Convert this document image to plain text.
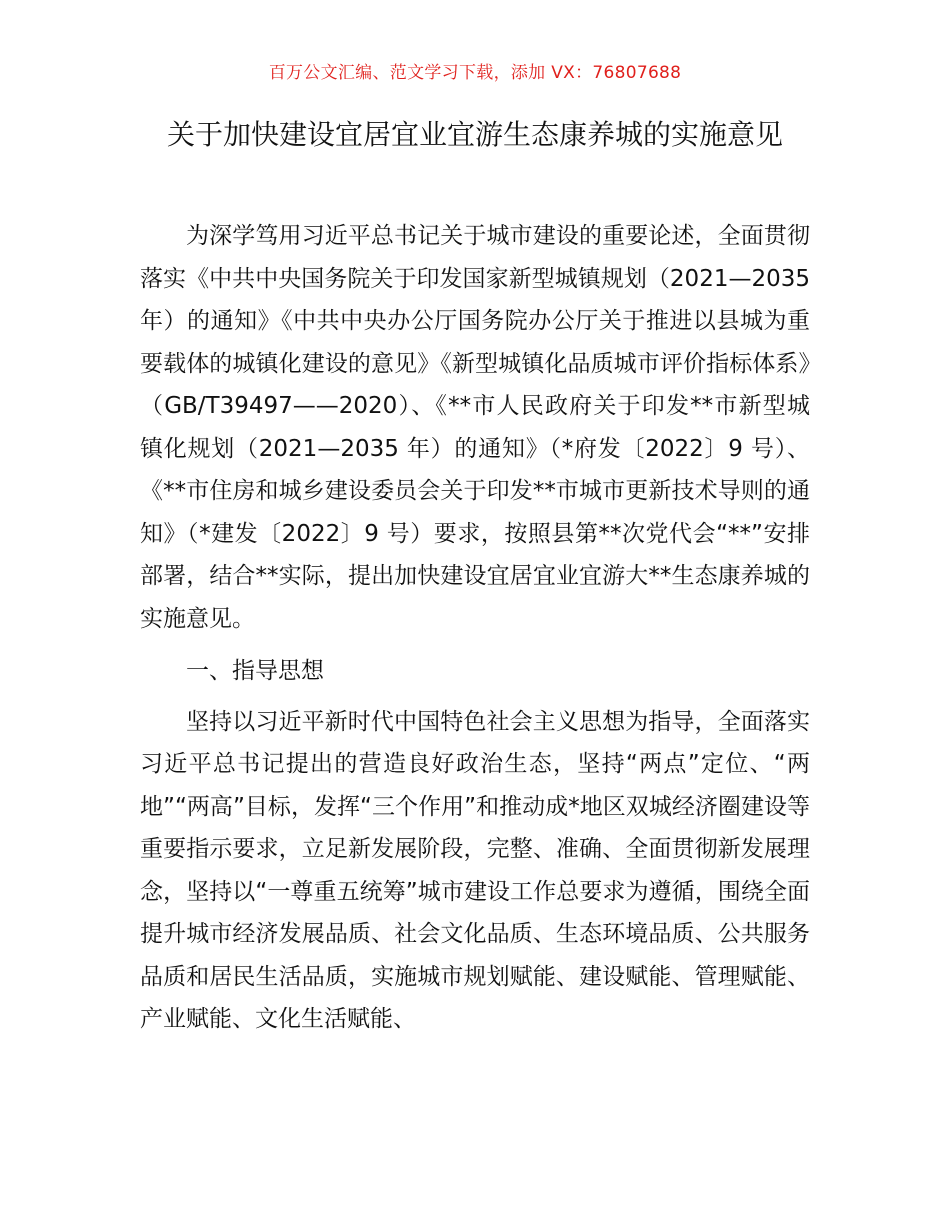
百万公文汇编、范文学习下载，添加 VX：76807688
关于加快建设宜居宜业宜游生态康养城的实施意见

为深学笃用习近平总书记关于城市建设的重要论述，全面贯彻落实《中共中央国务院关于印发国家新型城镇规划（2021—2035 年）的通知》《中共中央办公厅国务院办公厅关于推进以县城为重要载体的城镇化建设的意见》《新型城镇化品质城市评价指标体系》（GB/T39497——2020）、《**市人民政府关于印发**市新型城镇化规划（2021—2035 年）的通知》（*府发〔2022〕9 号）、《**市住房和城乡建设委员会关于印发**市城市更新技术导则的通知》（*建发〔2022〕9 号）要求，按照县第**次党代会“**”安排部署，结合**实际，提出加快建设宜居宜业宜游大**生态康养城的实施意见。

一、指导思想

坚持以习近平新时代中国特色社会主义思想为指导，全面落实习近平总书记提出的营造良好政治生态，坚持“两点”定位、“两地”“两高”目标，发挥“三个作用”和推动成*地区双城经济圈建设等重要指示要求，立足新发展阶段，完整、准确、全面贯彻新发展理念，坚持以“一尊重五统筹”城市建设工作总要求为遵循，围绕全面提升城市经济发展品质、社会文化品质、生态环境品质、公共服务品质和居民生活品质，实施城市规划赋能、建设赋能、管理赋能、产业赋能、文化生活赋能、
